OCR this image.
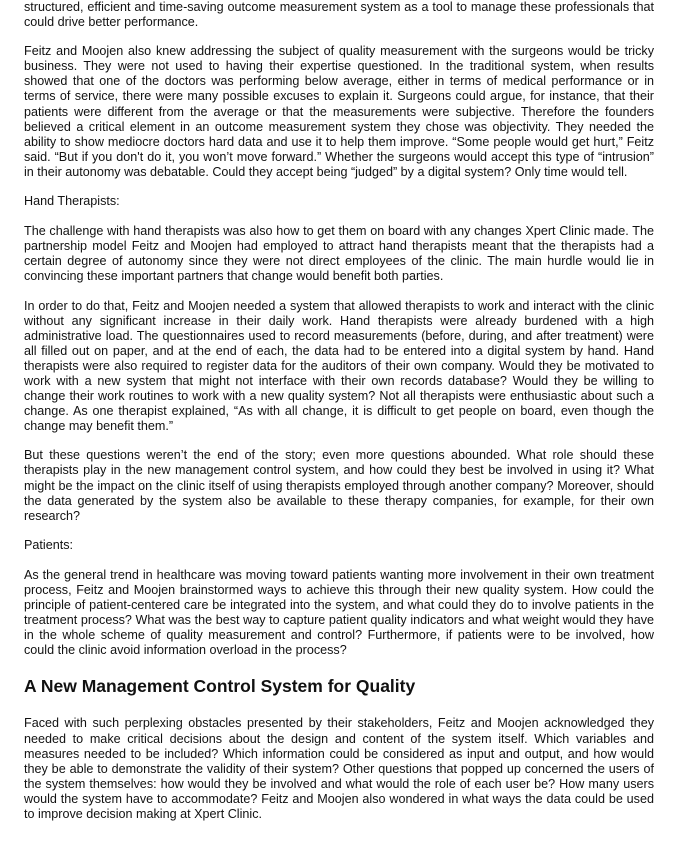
structured, efficient and time-saving outcome measurement system as a tool to manage these professionals that could drive better performance.

Feitz and Moojen also knew addressing the subject of quality measurement with the surgeons would be tricky business. They were not used to having their expertise questioned. In the traditional system, when results showed that one of the doctors was performing below average, either in terms of medical performance or in terms of service, there were many possible excuses to explain it. Surgeons could argue, for instance, that their patients were different from the average or that the measurements were subjective. Therefore the founders believed a critical element in an outcome measurement system they chose was objectivity. They needed the ability to show mediocre doctors hard data and use it to help them improve. “Some people would get hurt,” Feitz said. “But if you don't do it, you won’t move forward.” Whether the surgeons would accept this type of “intrusion” in their autonomy was debatable. Could they accept being “judged” by a digital system? Only time would tell.

Hand Therapists:

The challenge with hand therapists was also how to get them on board with any changes Xpert Clinic made. The partnership model Feitz and Moojen had employed to attract hand therapists meant that the therapists had a certain degree of autonomy since they were not direct employees of the clinic. The main hurdle would lie in convincing these important partners that change would benefit both parties.

In order to do that, Feitz and Moojen needed a system that allowed therapists to work and interact with the clinic without any significant increase in their daily work. Hand therapists were already burdened with a high administrative load. The questionnaires used to record measurements (before, during, and after treatment) were all filled out on paper, and at the end of each, the data had to be entered into a digital system by hand. Hand therapists were also required to register data for the auditors of their own company. Would they be motivated to work with a new system that might not interface with their own records database? Would they be willing to change their work routines to work with a new quality system? Not all therapists were enthusiastic about such a change. As one therapist explained, “As with all change, it is difficult to get people on board, even though the change may benefit them.”

But these questions weren’t the end of the story; even more questions abounded. What role should these therapists play in the new management control system, and how could they best be involved in using it? What might be the impact on the clinic itself of using therapists employed through another company? Moreover, should the data generated by the system also be available to these therapy companies, for example, for their own research?

Patients:

As the general trend in healthcare was moving toward patients wanting more involvement in their own treatment process, Feitz and Moojen brainstormed ways to achieve this through their new quality system. How could the principle of patient-centered care be integrated into the system, and what could they do to involve patients in the treatment process? What was the best way to capture patient quality indicators and what weight would they have in the whole scheme of quality measurement and control? Furthermore, if patients were to be involved, how could the clinic avoid information overload in the process?

A New Management Control System for Quality

Faced with such perplexing obstacles presented by their stakeholders, Feitz and Moojen acknowledged they needed to make critical decisions about the design and content of the system itself. Which variables and measures needed to be included? Which information could be considered as input and output, and how would they be able to demonstrate the validity of their system? Other questions that popped up concerned the users of the system themselves: how would they be involved and what would the role of each user be? How many users would the system have to accommodate? Feitz and Moojen also wondered in what ways the data could be used to improve decision making at Xpert Clinic.
